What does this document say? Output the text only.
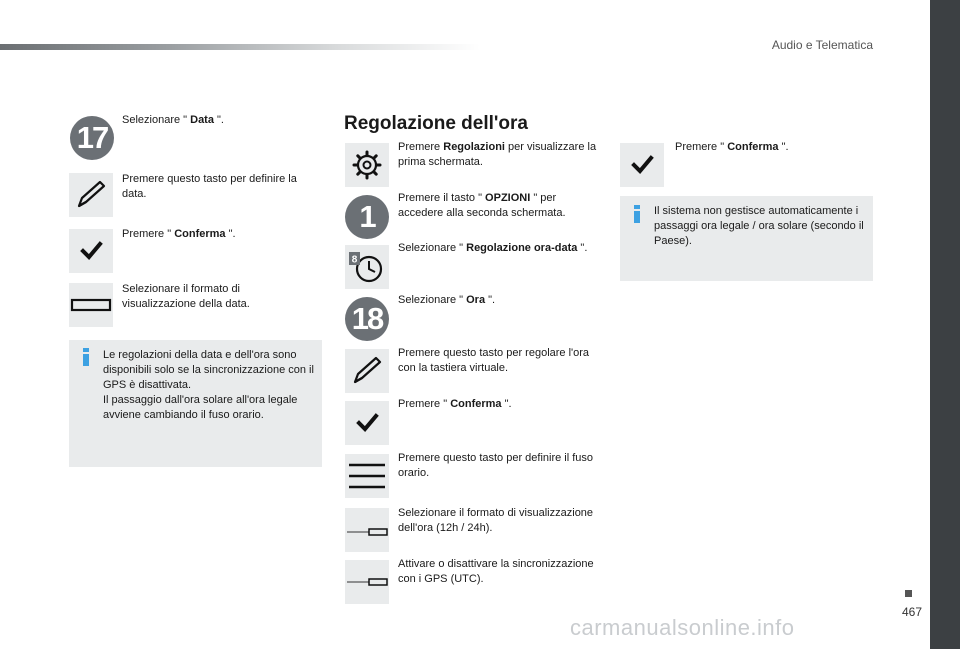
Audio e Telematica
467
17	Selezionare " Data ".
Premere questo tasto per definire la data.
Premere " Conferma ".
Selezionare il formato di visualizzazione della data.
Le regolazioni della data e dell'ora sono disponibili solo se la sincronizzazione con il GPS è disattivata.
Il passaggio dall'ora solare all'ora legale avviene cambiando il fuso orario.
Regolazione dell'ora
Premere Regolazioni per visualizzare la prima schermata.
1
Premere il tasto " OPZIONI " per accedere alla seconda schermata.
8
Selezionare " Regolazione ora-data ".
18
Selezionare " Ora ".
Premere questo tasto per regolare l'ora con la tastiera virtuale.
Premere " Conferma ".
Premere questo tasto per definire il fuso orario.
Selezionare il formato di visualizzazione dell'ora (12h / 24h).
Attivare o disattivare la sincronizzazione con i GPS (UTC).
Premere " Conferma ".
Il sistema non gestisce automaticamente i passaggi ora legale / ora solare (secondo il Paese).
carmanualsonline.info
